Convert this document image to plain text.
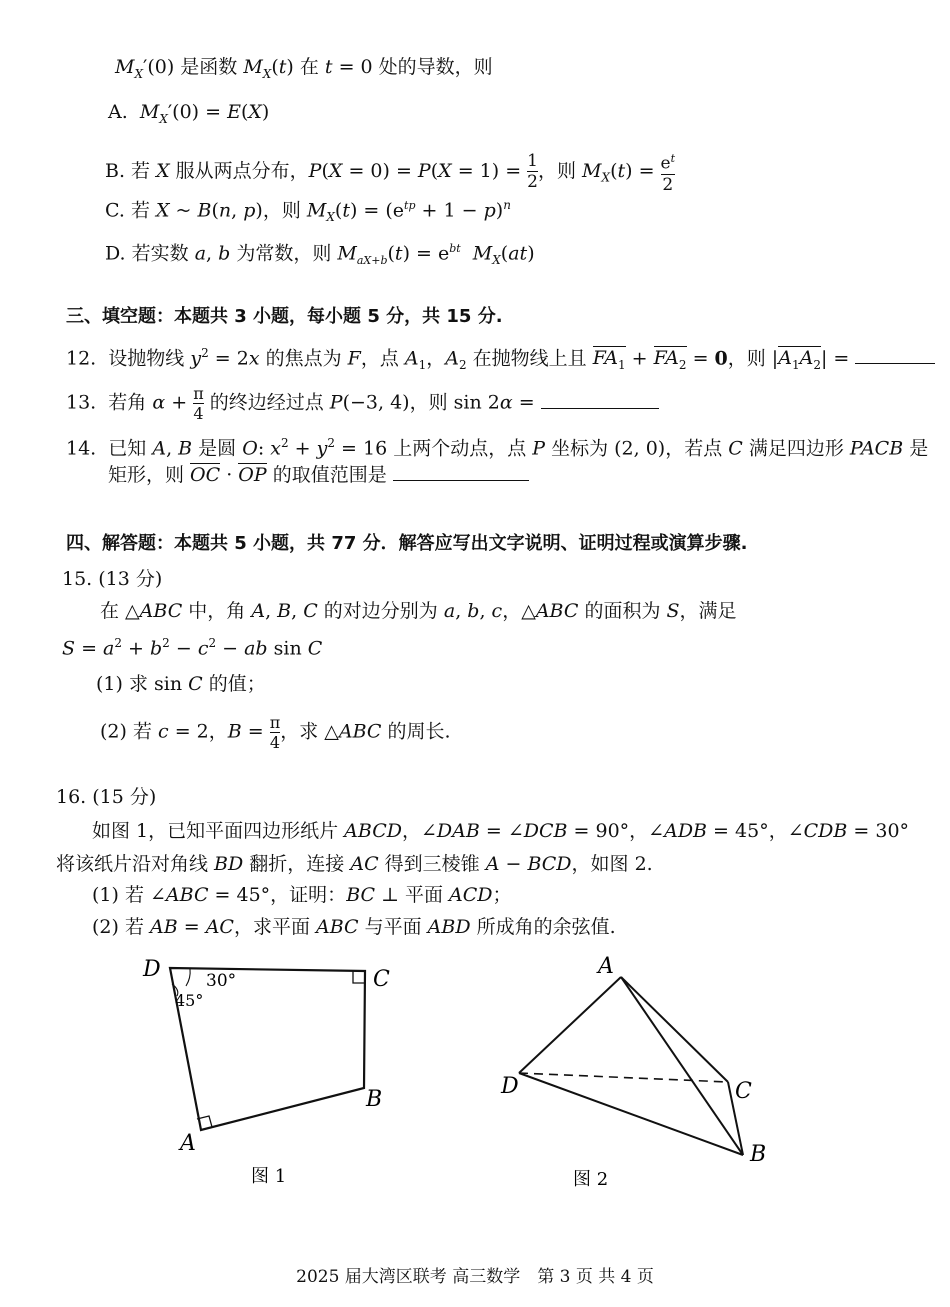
$M_X'(0)$ 是函数 $M_X(t)$ 在 t = 0 处的导数，则
A.  $M_X'(0) = E(X)$
B. 若 X 服从两点分布，$P(X = 0) = P(X = 1) = \frac{1}{2}$ ，则 $M_X(t) = \frac{e^t}{2}$
C. 若 X ~ B(n, p)，则 $M_X(t) = (e^{tp} + 1 - p)^n$
D. 若实数 a, b 为常数，则 $M_{aX+b}(t) = e^{bt}$ $M_X(at)$
三、填空题：本题共 3 小题，每小题 5 分，共 15 分.
12.  设抛物线 $y^2 = 2x$ 的焦点为 F，点 $A_1$，$A_2$ 在抛物线上且 $FA_1 + FA_2 = 0$，则 $|A_1A_2|$ =
13.  若角 $\alpha + \frac{\pi}{4}$ 的终边经过点 P(−3, 4)，则 sin 2α =
14.  已知 A, B 是圆 O: $x^2 + y^2 = 16$ 上两个动点，点 P 坐标为 (2, 0)，若点 C 满足四边形 PACB 是
矩形，则 OC · OP 的取值范围是
四、解答题：本题共 5 小题，共 77 分．解答应写出文字说明、证明过程或演算步骤.
15. (13 分)
在 △ABC 中，角 A, B, C 的对边分别为 a, b, c，△ABC 的面积为 S，满足
$S = a^2 + b^2 - c^2$ − ab sin C
(1) 求 sin C 的值；
(2) 若 c = 2，$B = \frac{\pi}{4}$ ，求 △ABC 的周长.
16. (15 分)
如图 1，已知平面四边形纸片 ABCD，∠DAB = ∠DCB = 90°，∠ADB = 45°，∠CDB = 30°
将该纸片沿对角线 BD 翻折，连接 AC 得到三棱锥 A − BCD，如图 2.
(1) 若 ∠ABC = 45°，证明：BC ⊥ 平面 ACD；
(2) 若 AB = AC，求平面 ABC 与平面 ABD 所成角的余弦值.
30°
45°
D	C
B
A
图 1
A
D	C
B
图 2
2025 届大湾区联考 高三数学　第 3 页 共 4 页
